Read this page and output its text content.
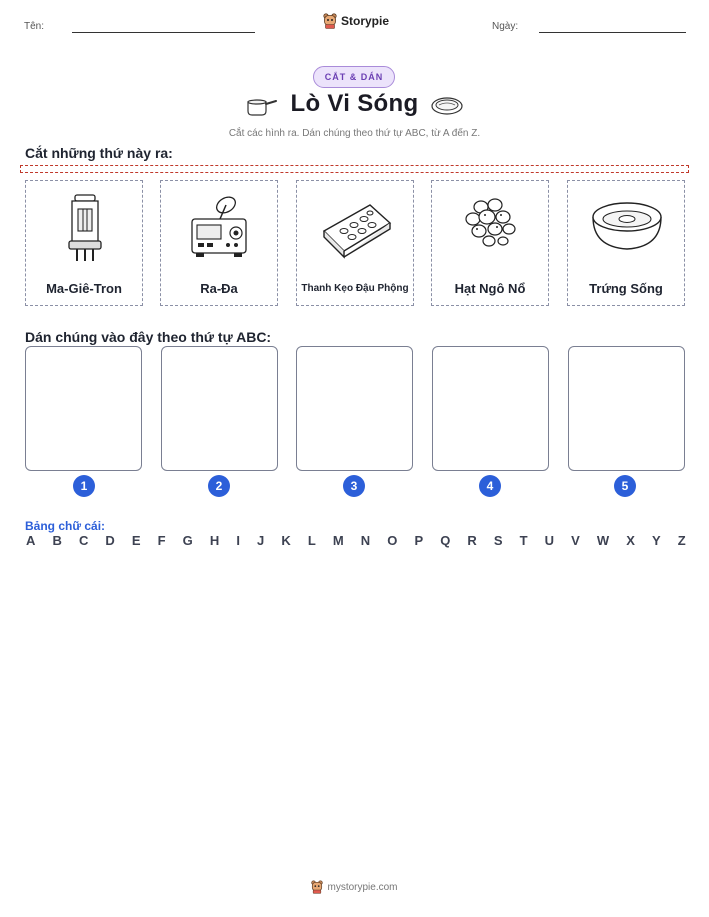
Tên:	Storypie	Ngày:
CẮT & DÁN
Lò Vi Sóng
Cắt các hình ra. Dán chúng theo thứ tự ABC, từ A đến Z.
Cắt những thứ này ra:
Ma-Giê-Tron	Ra-Đa	Thanh Kẹo Đậu Phộng	Hạt Ngô Nổ	Trứng Sống
Dán chúng vào đây theo thứ tự ABC:
1	2	3	4	5
Bảng chữ cái:
A B C D E F G H I J K L M N O P Q R S T U V W X Y Z
mystorypie.com
